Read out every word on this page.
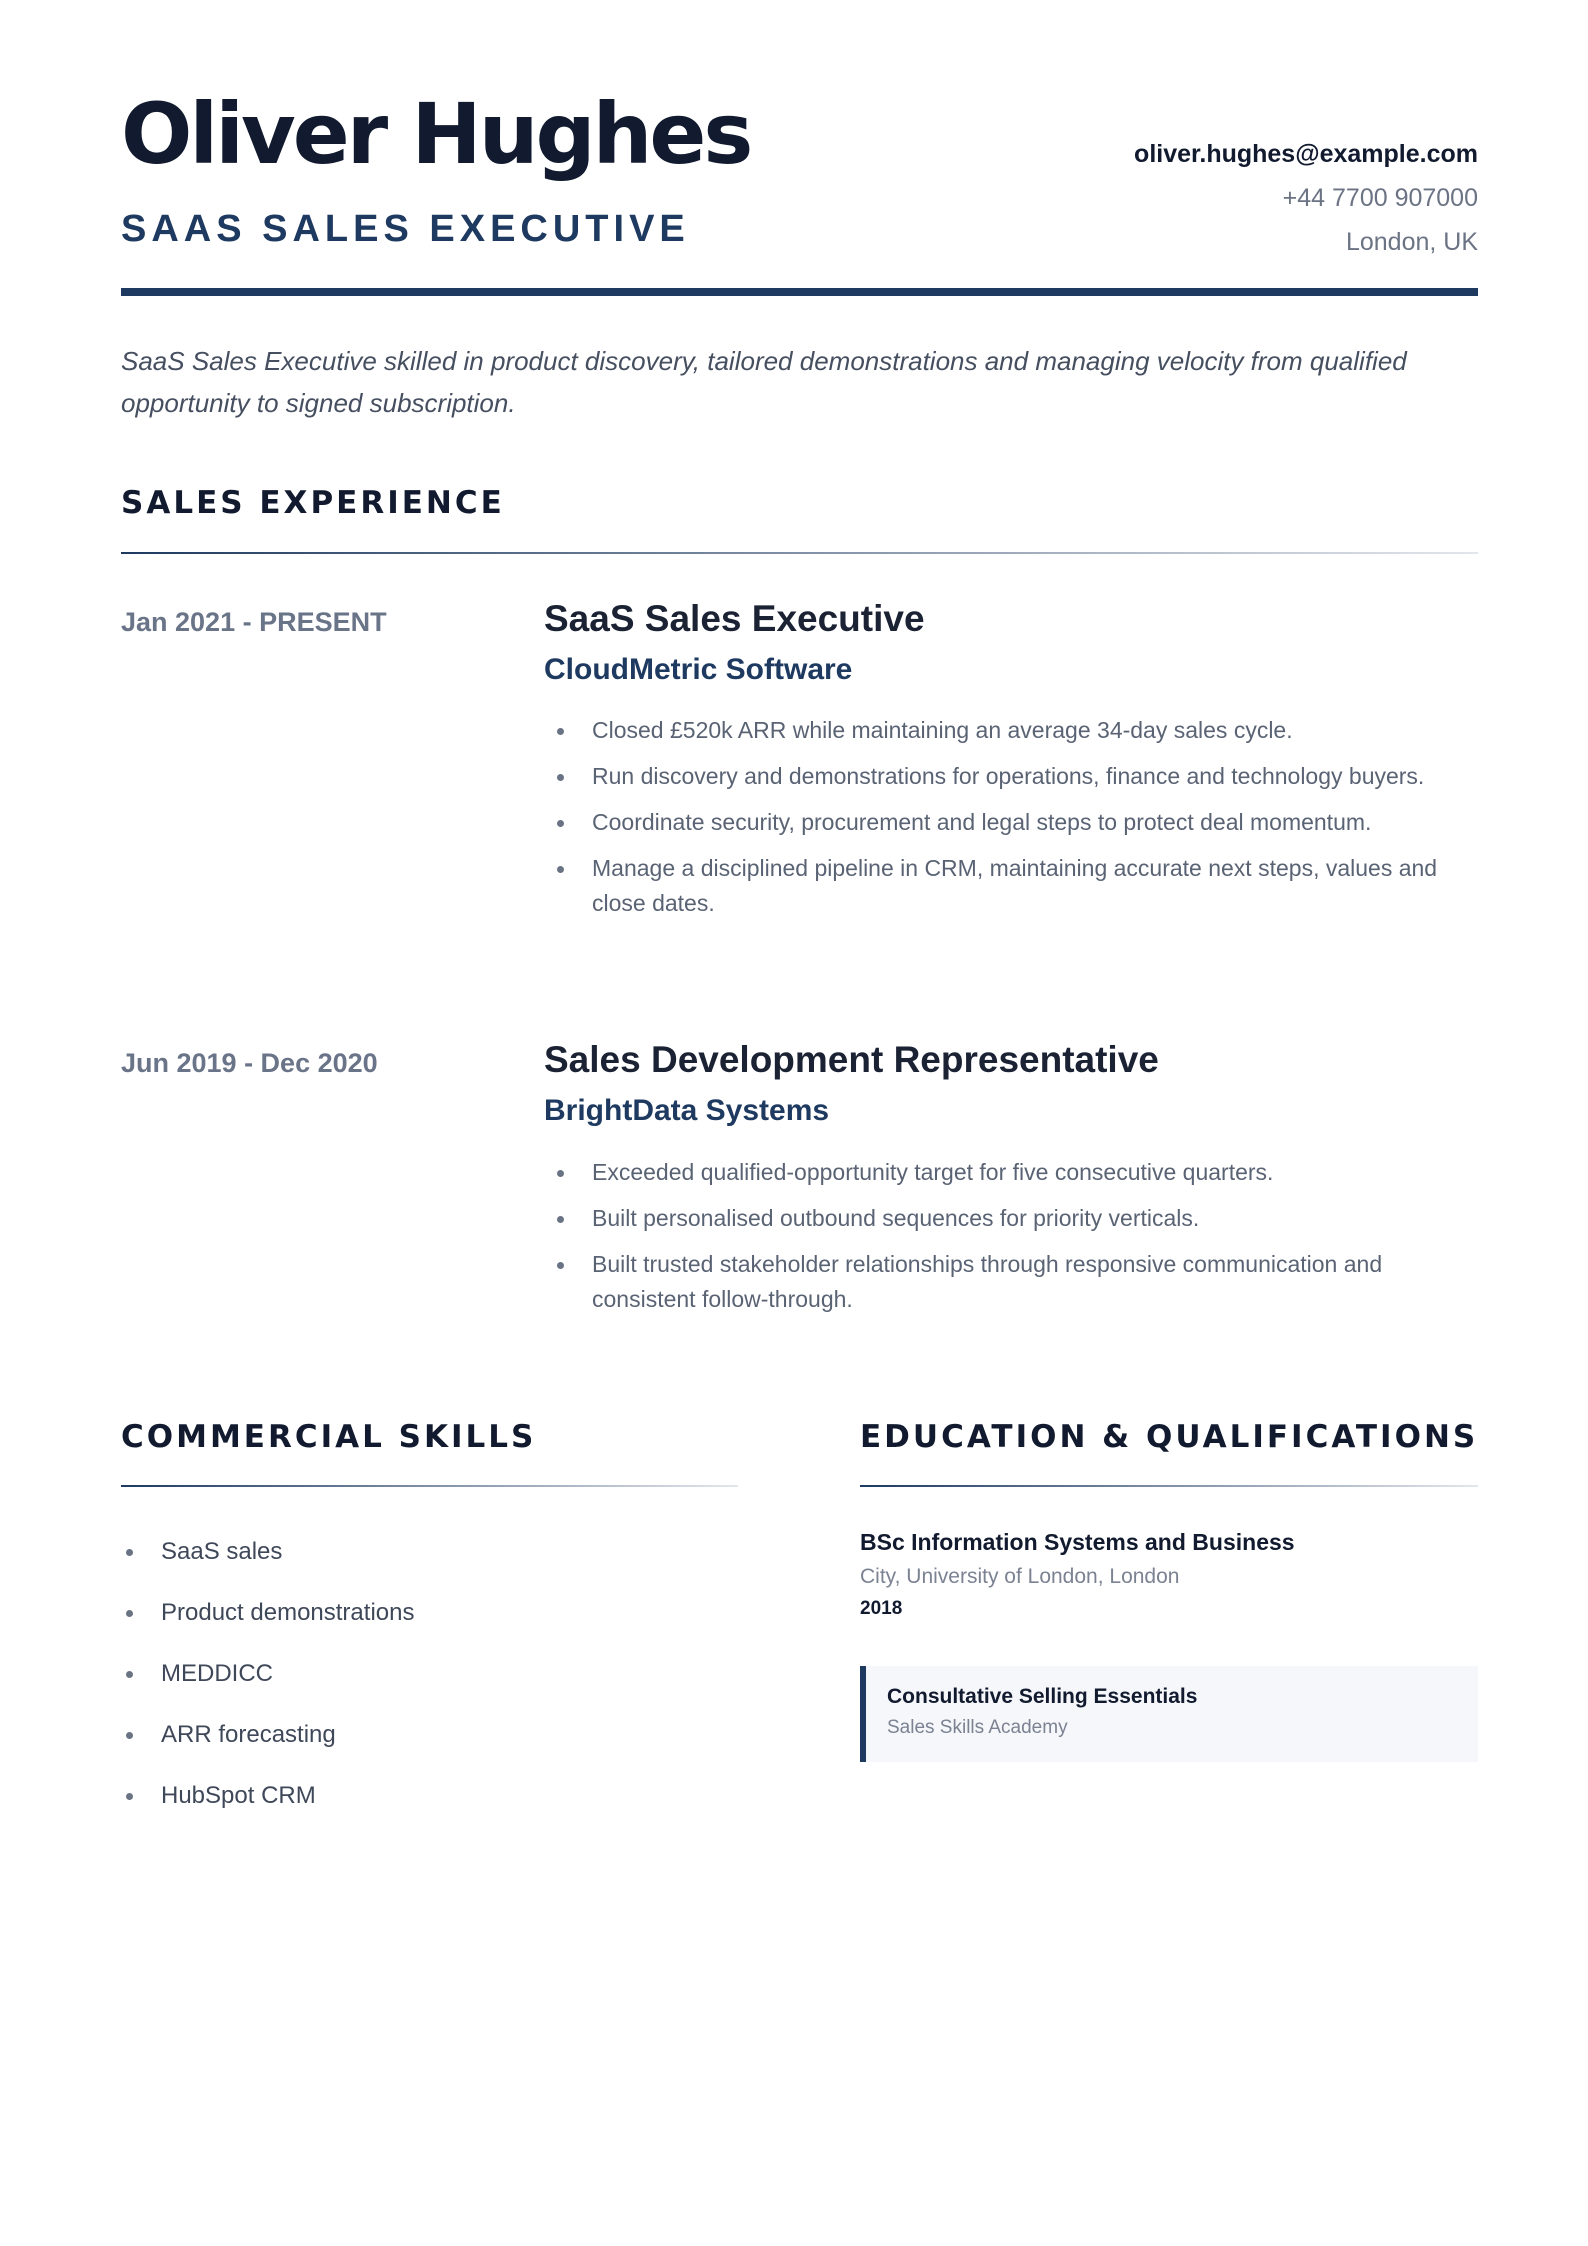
Oliver Hughes
SAAS SALES EXECUTIVE
oliver.hughes@example.com
+44 7700 907000
London, UK
SaaS Sales Executive skilled in product discovery, tailored demonstrations and managing velocity from qualified opportunity to signed subscription.
SALES EXPERIENCE
Jan 2021 - PRESENT	SaaS Sales Executive
CloudMetric Software
Closed £520k ARR while maintaining an average 34-day sales cycle.
Run discovery and demonstrations for operations, finance and technology buyers.
Coordinate security, procurement and legal steps to protect deal momentum.
Manage a disciplined pipeline in CRM, maintaining accurate next steps, values and close dates.
Jun 2019 - Dec 2020	Sales Development Representative
BrightData Systems
Exceeded qualified-opportunity target for five consecutive quarters.
Built personalised outbound sequences for priority verticals.
Built trusted stakeholder relationships through responsive communication and consistent follow-through.
COMMERCIAL SKILLS
SaaS sales
Product demonstrations
MEDDICC
ARR forecasting
HubSpot CRM
EDUCATION & QUALIFICATIONS
BSc Information Systems and Business
City, University of London, London
2018
Consultative Selling Essentials
Sales Skills Academy
